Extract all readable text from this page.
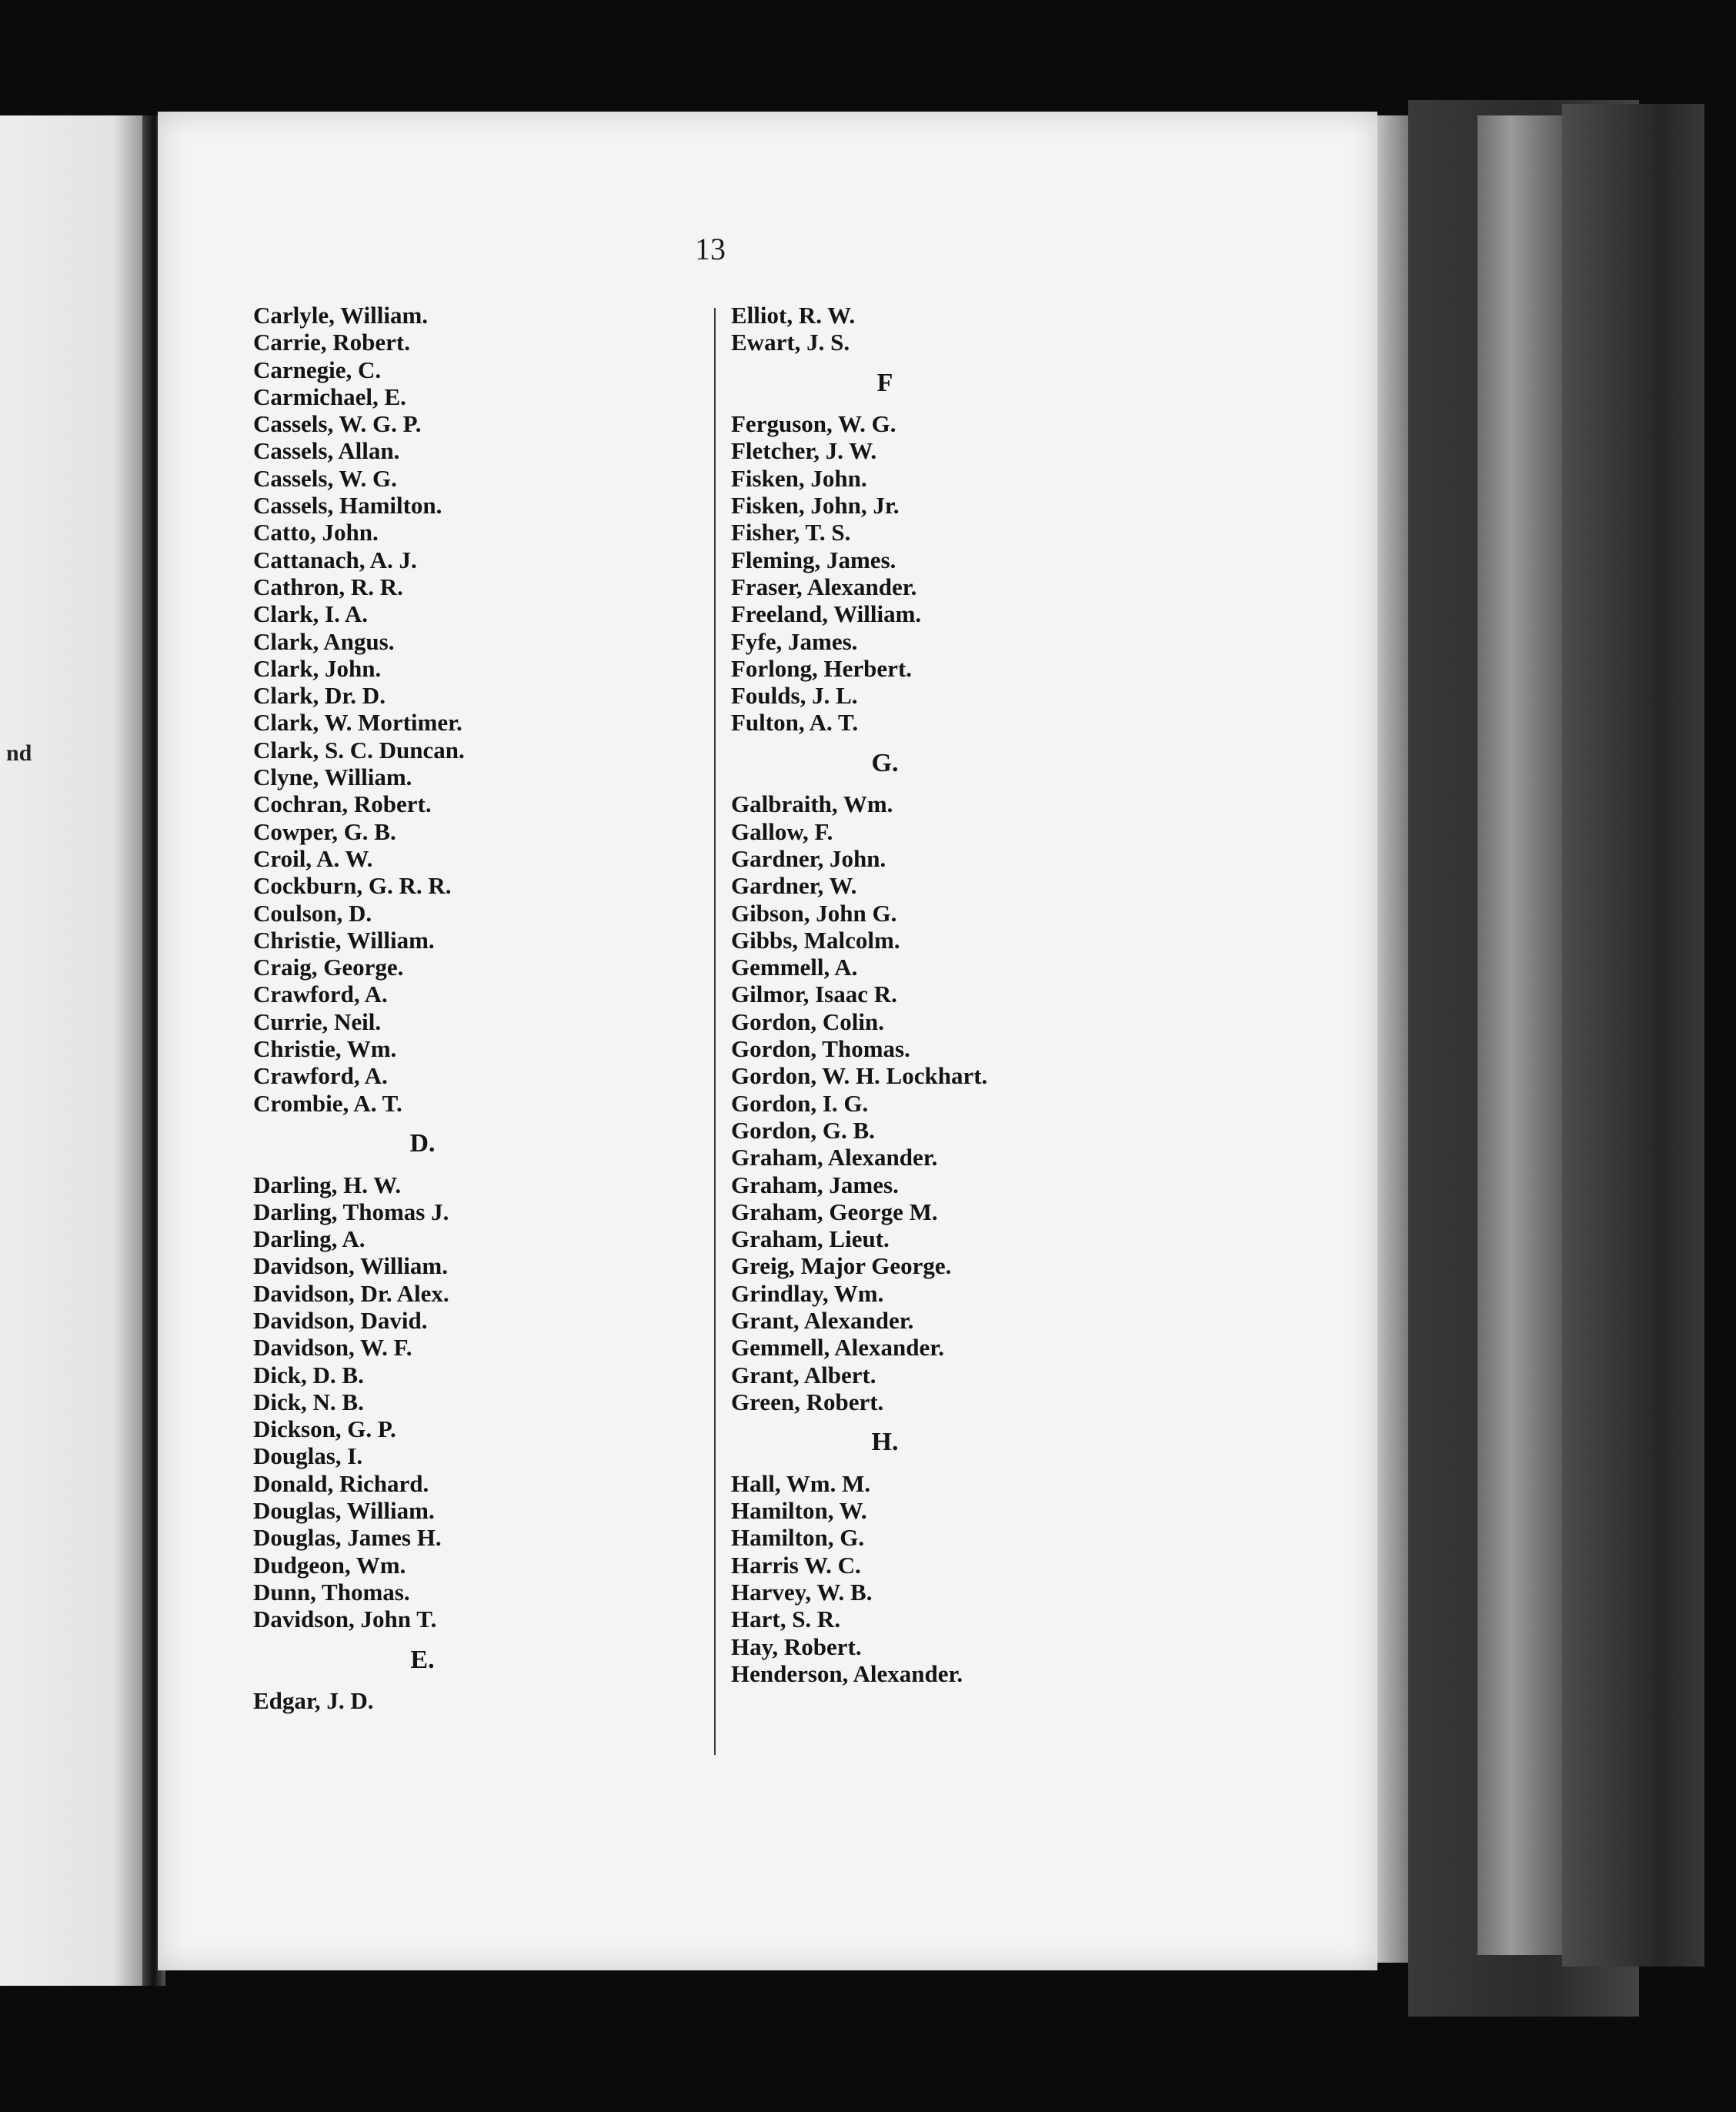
nd
13
Carlyle, William.
Carrie, Robert.
Carnegie, C.
Carmichael, E.
Cassels, W. G. P.
Cassels, Allan.
Cassels, W. G.
Cassels, Hamilton.
Catto, John.
Cattanach, A. J.
Cathron, R. R.
Clark, I. A.
Clark, Angus.
Clark, John.
Clark, Dr. D.
Clark, W. Mortimer.
Clark, S. C. Duncan.
Clyne, William.
Cochran, Robert.
Cowper, G. B.
Croil, A. W.
Cockburn, G. R. R.
Coulson, D.
Christie, William.
Craig, George.
Crawford, A.
Currie, Neil.
Christie, Wm.
Crawford, A.
Crombie, A. T.
D.
Darling, H. W.
Darling, Thomas J.
Darling, A.
Davidson, William.
Davidson, Dr. Alex.
Davidson, David.
Davidson, W. F.
Dick, D. B.
Dick, N. B.
Dickson, G. P.
Douglas, I.
Donald, Richard.
Douglas, William.
Douglas, James H.
Dudgeon, Wm.
Dunn, Thomas.
Davidson, John T.
E.
Edgar, J. D.
Elliot, R. W.
Ewart, J. S.
F
Ferguson, W. G.
Fletcher, J. W.
Fisken, John.
Fisken, John, Jr.
Fisher, T. S.
Fleming, James.
Fraser, Alexander.
Freeland, William.
Fyfe, James.
Forlong, Herbert.
Foulds, J. L.
Fulton, A. T.
G.
Galbraith, Wm.
Gallow, F.
Gardner, John.
Gardner, W.
Gibson, John G.
Gibbs, Malcolm.
Gemmell, A.
Gilmor, Isaac R.
Gordon, Colin.
Gordon, Thomas.
Gordon, W. H. Lockhart.
Gordon, I. G.
Gordon, G. B.
Graham, Alexander.
Graham, James.
Graham, George M.
Graham, Lieut.
Greig, Major George.
Grindlay, Wm.
Grant, Alexander.
Gemmell, Alexander.
Grant, Albert.
Green, Robert.
H.
Hall, Wm. M.
Hamilton, W.
Hamilton, G.
Harris W. C.
Harvey, W. B.
Hart, S. R.
Hay, Robert.
Henderson, Alexander.
